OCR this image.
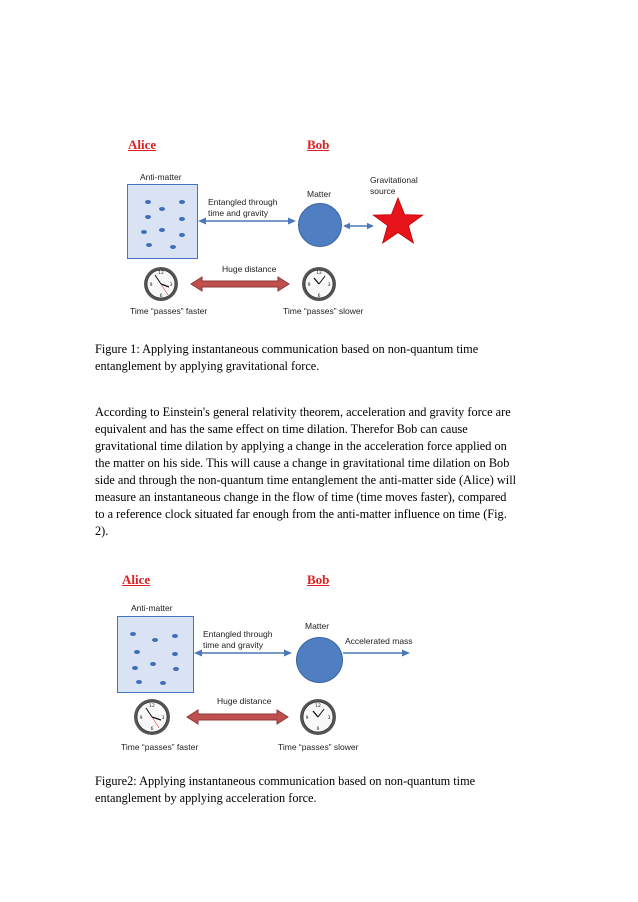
Alice	Bob
Anti-matter
Matter
Entangled through
time and gravity
Gravitational
source
12
3
6
9
12
3
6
9
Huge distance
Time “passes” faster	Time “passes” slower
Figure 1: Applying instantaneous communication based on non-quantum time
entanglement by applying gravitational force.
According to Einstein's general relativity theorem, acceleration and gravity force are
equivalent and has the same effect on time dilation. Therefor Bob can cause
gravitational time dilation by applying a change in the acceleration force applied on
the matter on his side. This will cause a change in gravitational time dilation on Bob
side and through the non-quantum time entanglement the anti-matter side (Alice) will
measure an instantaneous change in the flow of time (time moves faster), compared
to a reference clock situated far enough from the anti-matter influence on time (Fig.
2).
Alice	Bob
Anti-matter
Matter
Entangled through
time and gravity	Accelerated mass
12
3
6
9
12
3
6
9
Huge distance
Time “passes” faster	Time “passes” slower
Figure2: Applying instantaneous communication based on non-quantum time
entanglement by applying acceleration force.
